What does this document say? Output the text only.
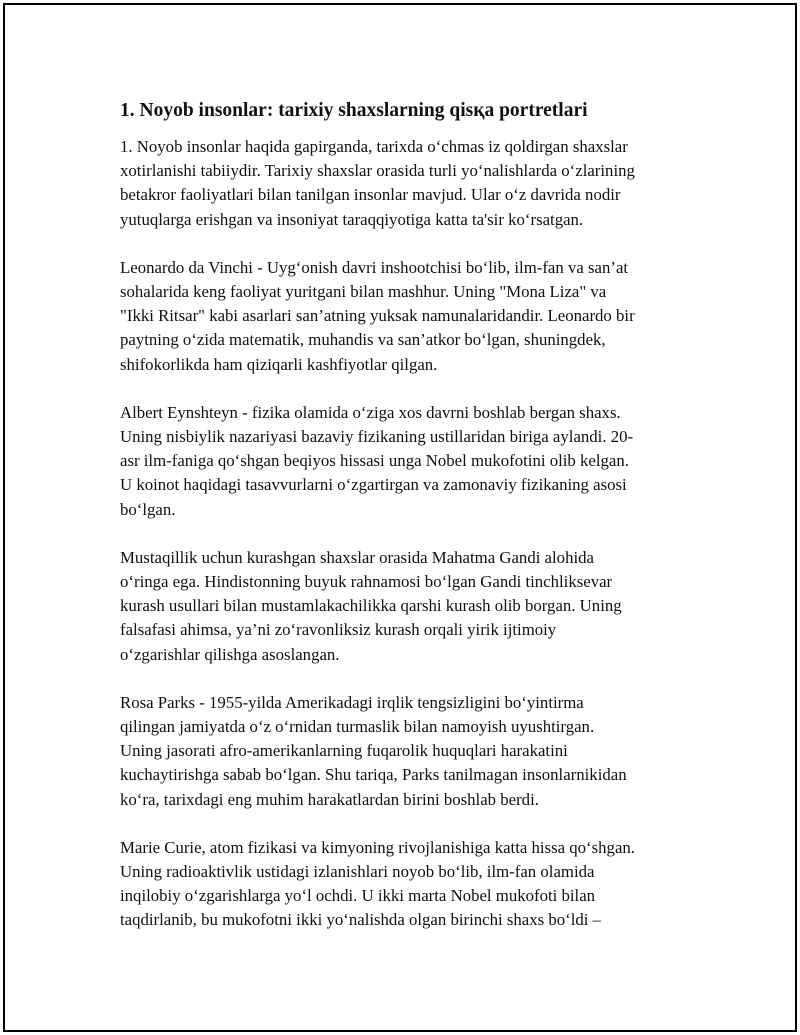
1. Noyob insonlar: tarixiy shaxslarning qisқa portretlari

1. Noyob insonlar haqida gapirganda, tarixda o‘chmas iz qoldirgan shaxslar
xotirlanishi tabiiydir. Tarixiy shaxslar orasida turli yo‘nalishlarda o‘zlarining
betakror faoliyatlari bilan tanilgan insonlar mavjud. Ular o‘z davrida nodir
yutuqlarga erishgan va insoniyat taraqqiyotiga katta ta'sir ko‘rsatgan.

Leonardo da Vinchi - Uyg‘onish davri inshootchisi bo‘lib, ilm-fan va san’at
sohalarida keng faoliyat yuritgani bilan mashhur. Uning "Mona Liza" va
"Ikki Ritsar" kabi asarlari san’atning yuksak namunalaridandir. Leonardo bir
paytning o‘zida matematik, muhandis va san’atkor bo‘lgan, shuningdek,
shifokorlikda ham qiziqarli kashfiyotlar qilgan.

Albert Eynshteyn - fizika olamida o‘ziga xos davrni boshlab bergan shaxs.
Uning nisbiylik nazariyasi bazaviy fizikaning ustillaridan biriga aylandi. 20-
asr ilm-faniga qo‘shgan beqiyos hissasi unga Nobel mukofotini olib kelgan.
U koinot haqidagi tasavvurlarni o‘zgartirgan va zamonaviy fizikaning asosi
bo‘lgan.

Mustaqillik uchun kurashgan shaxslar orasida Mahatma Gandi alohida
o‘ringa ega. Hindistonning buyuk rahnamosi bo‘lgan Gandi tinchliksevar
kurash usullari bilan mustamlakachilikka qarshi kurash olib borgan. Uning
falsafasi ahimsa, ya’ni zo‘ravonliksiz kurash orqali yirik ijtimoiy
o‘zgarishlar qilishga asoslangan.

Rosa Parks - 1955-yilda Amerikadagi irqlik tengsizligini bo‘yintirma
qilingan jamiyatda o‘z o‘rnidan turmaslik bilan namoyish uyushtirgan.
Uning jasorati afro-amerikanlarning fuqarolik huquqlari harakatini
kuchaytirishga sabab bo‘lgan. Shu tariqa, Parks tanilmagan insonlarnikidan
ko‘ra, tarixdagi eng muhim harakatlardan birini boshlab berdi.

Marie Curie, atom fizikasi va kimyoning rivojlanishiga katta hissa qo‘shgan.
Uning radioaktivlik ustidagi izlanishlari noyob bo‘lib, ilm-fan olamida
inqilobiy o‘zgarishlarga yo‘l ochdi. U ikki marta Nobel mukofoti bilan
taqdirlanib, bu mukofotni ikki yo‘nalishda olgan birinchi shaxs bo‘ldi –
